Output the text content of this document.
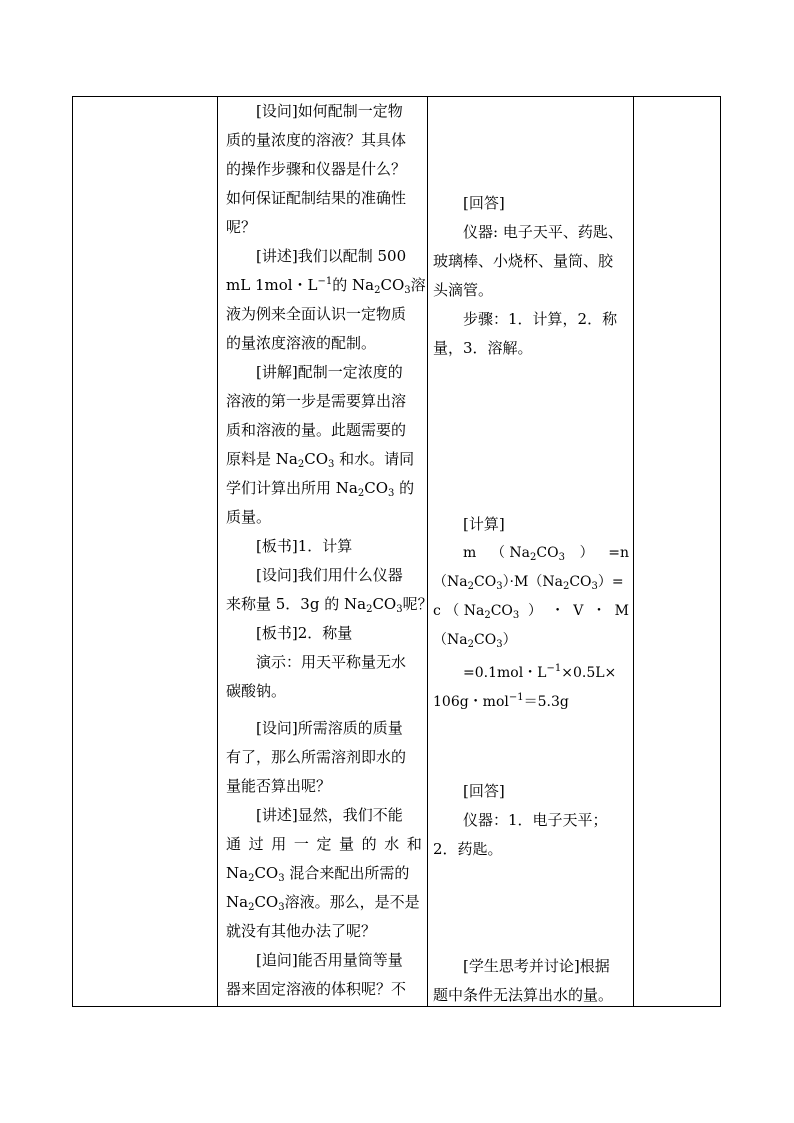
[设问]如何配制一定物
质的量浓度的溶液？其具体
的操作步骤和仪器是什么？
如何保证配制结果的准确性
呢？
[讲述]我们以配制 500
mL 1mol・$L^{-1}$的 $Na_2CO_3$溶
液为例来全面认识一定物质
的量浓度溶液的配制。
[讲解]配制一定浓度的
溶液的第一步是需要算出溶
质和溶液的量。此题需要的
原料是 $Na_2CO_3$ 和水。请同
学们计算出所用 $Na_2CO_3$ 的
质量。
[板书]1．计算
[设问]我们用什么仪器
来称量 5．3g 的 $Na_2CO_3$呢？
[板书]2．称量
演示：用天平称量无水
碳酸钠。
[设问]所需溶质的质量
有了，那么所需溶剂即水的
量能否算出呢？
[讲述]显然，我们不能
通 过 用 一 定 量 的 水 和
$Na_2CO_3$ 混合来配出所需的
$Na_2CO_3$溶液。那么，是不是
就没有其他办法了呢？
[追问]能否用量筒等量
器来固定溶液的体积呢？不
[回答]
仪器: 电子天平、药匙、
玻璃棒、小烧杯、量筒、胶
头滴管。
步骤：1．计算，2．称
量，3．溶解。
[计算]
m （ $Na_2CO_3$ ） =n
$(Na_2CO_3)\cdot M(Na_2CO_3)=$
c （ $Na_2CO_3$ ） ・ V ・ M
$(Na_2CO_3)$
=0.1mol・$L^{-1}\times 0.5L\times$
106g・mol$^{-1}$＝5.3g
[回答]
仪器：1．电子天平；
2．药匙。
[学生思考并讨论]根据
题中条件无法算出水的量。
